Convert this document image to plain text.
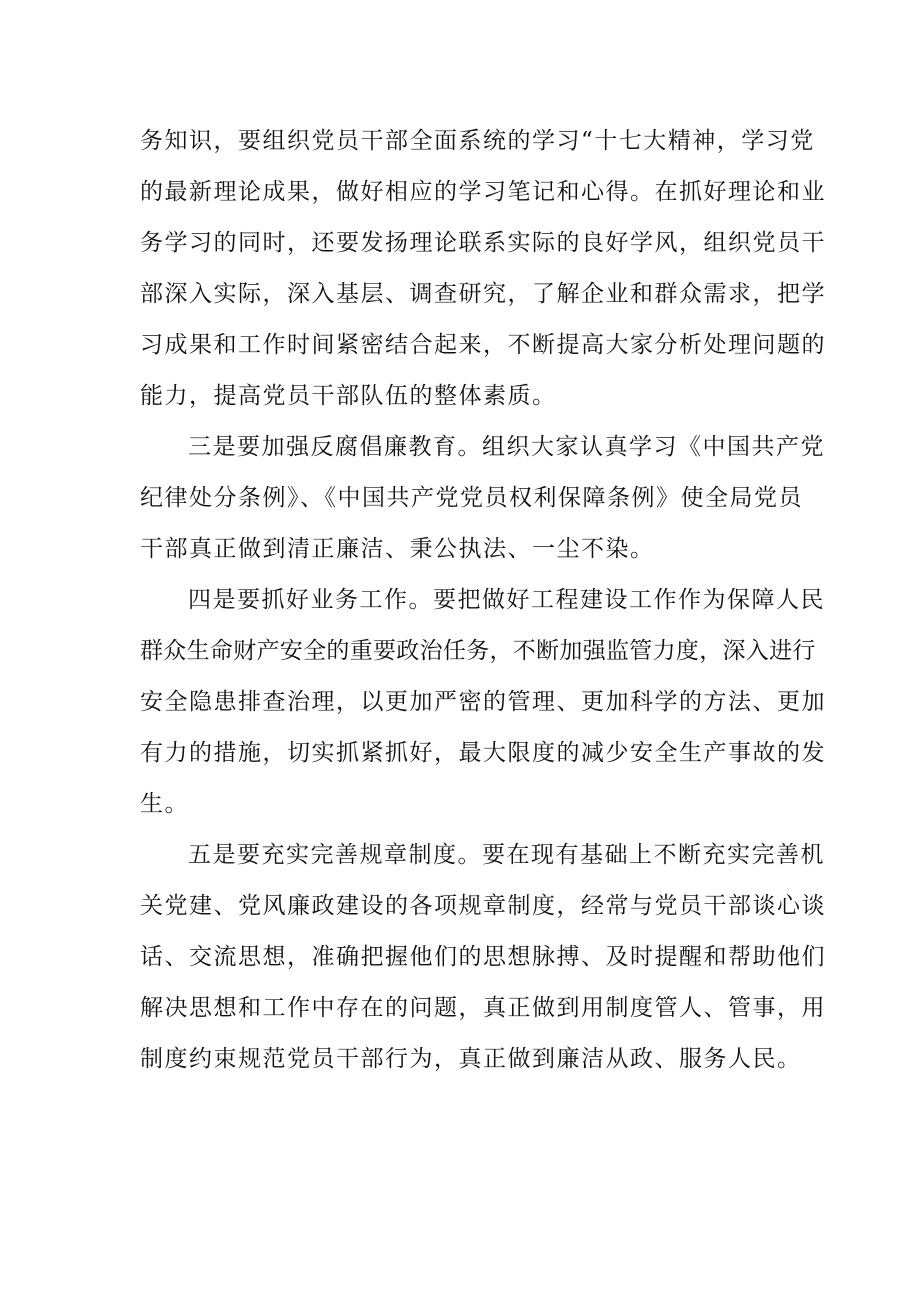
务知识，要组织党员干部全面系统的学习“十七大精神，学习党
的最新理论成果，做好相应的学习笔记和心得。在抓好理论和业
务学习的同时，还要发扬理论联系实际的良好学风，组织党员干
部深入实际，深入基层、调查研究，了解企业和群众需求，把学
习成果和工作时间紧密结合起来，不断提高大家分析处理问题的
能力，提高党员干部队伍的整体素质。
三是要加强反腐倡廉教育。组织大家认真学习《中国共产党
纪律处分条例》、《中国共产党党员权利保障条例》使全局党员
干部真正做到清正廉洁、秉公执法、一尘不染。
四是要抓好业务工作。要把做好工程建设工作作为保障人民
群众生命财产安全的重要政治任务，不断加强监管力度，深入进行
安全隐患排查治理，以更加严密的管理、更加科学的方法、更加
有力的措施，切实抓紧抓好，最大限度的减少安全生产事故的发
生。
五是要充实完善规章制度。要在现有基础上不断充实完善机
关党建、党风廉政建设的各项规章制度，经常与党员干部谈心谈
话、交流思想，准确把握他们的思想脉搏、及时提醒和帮助他们
解决思想和工作中存在的问题，真正做到用制度管人、管事，用
制度约束规范党员干部行为，真正做到廉洁从政、服务人民。
